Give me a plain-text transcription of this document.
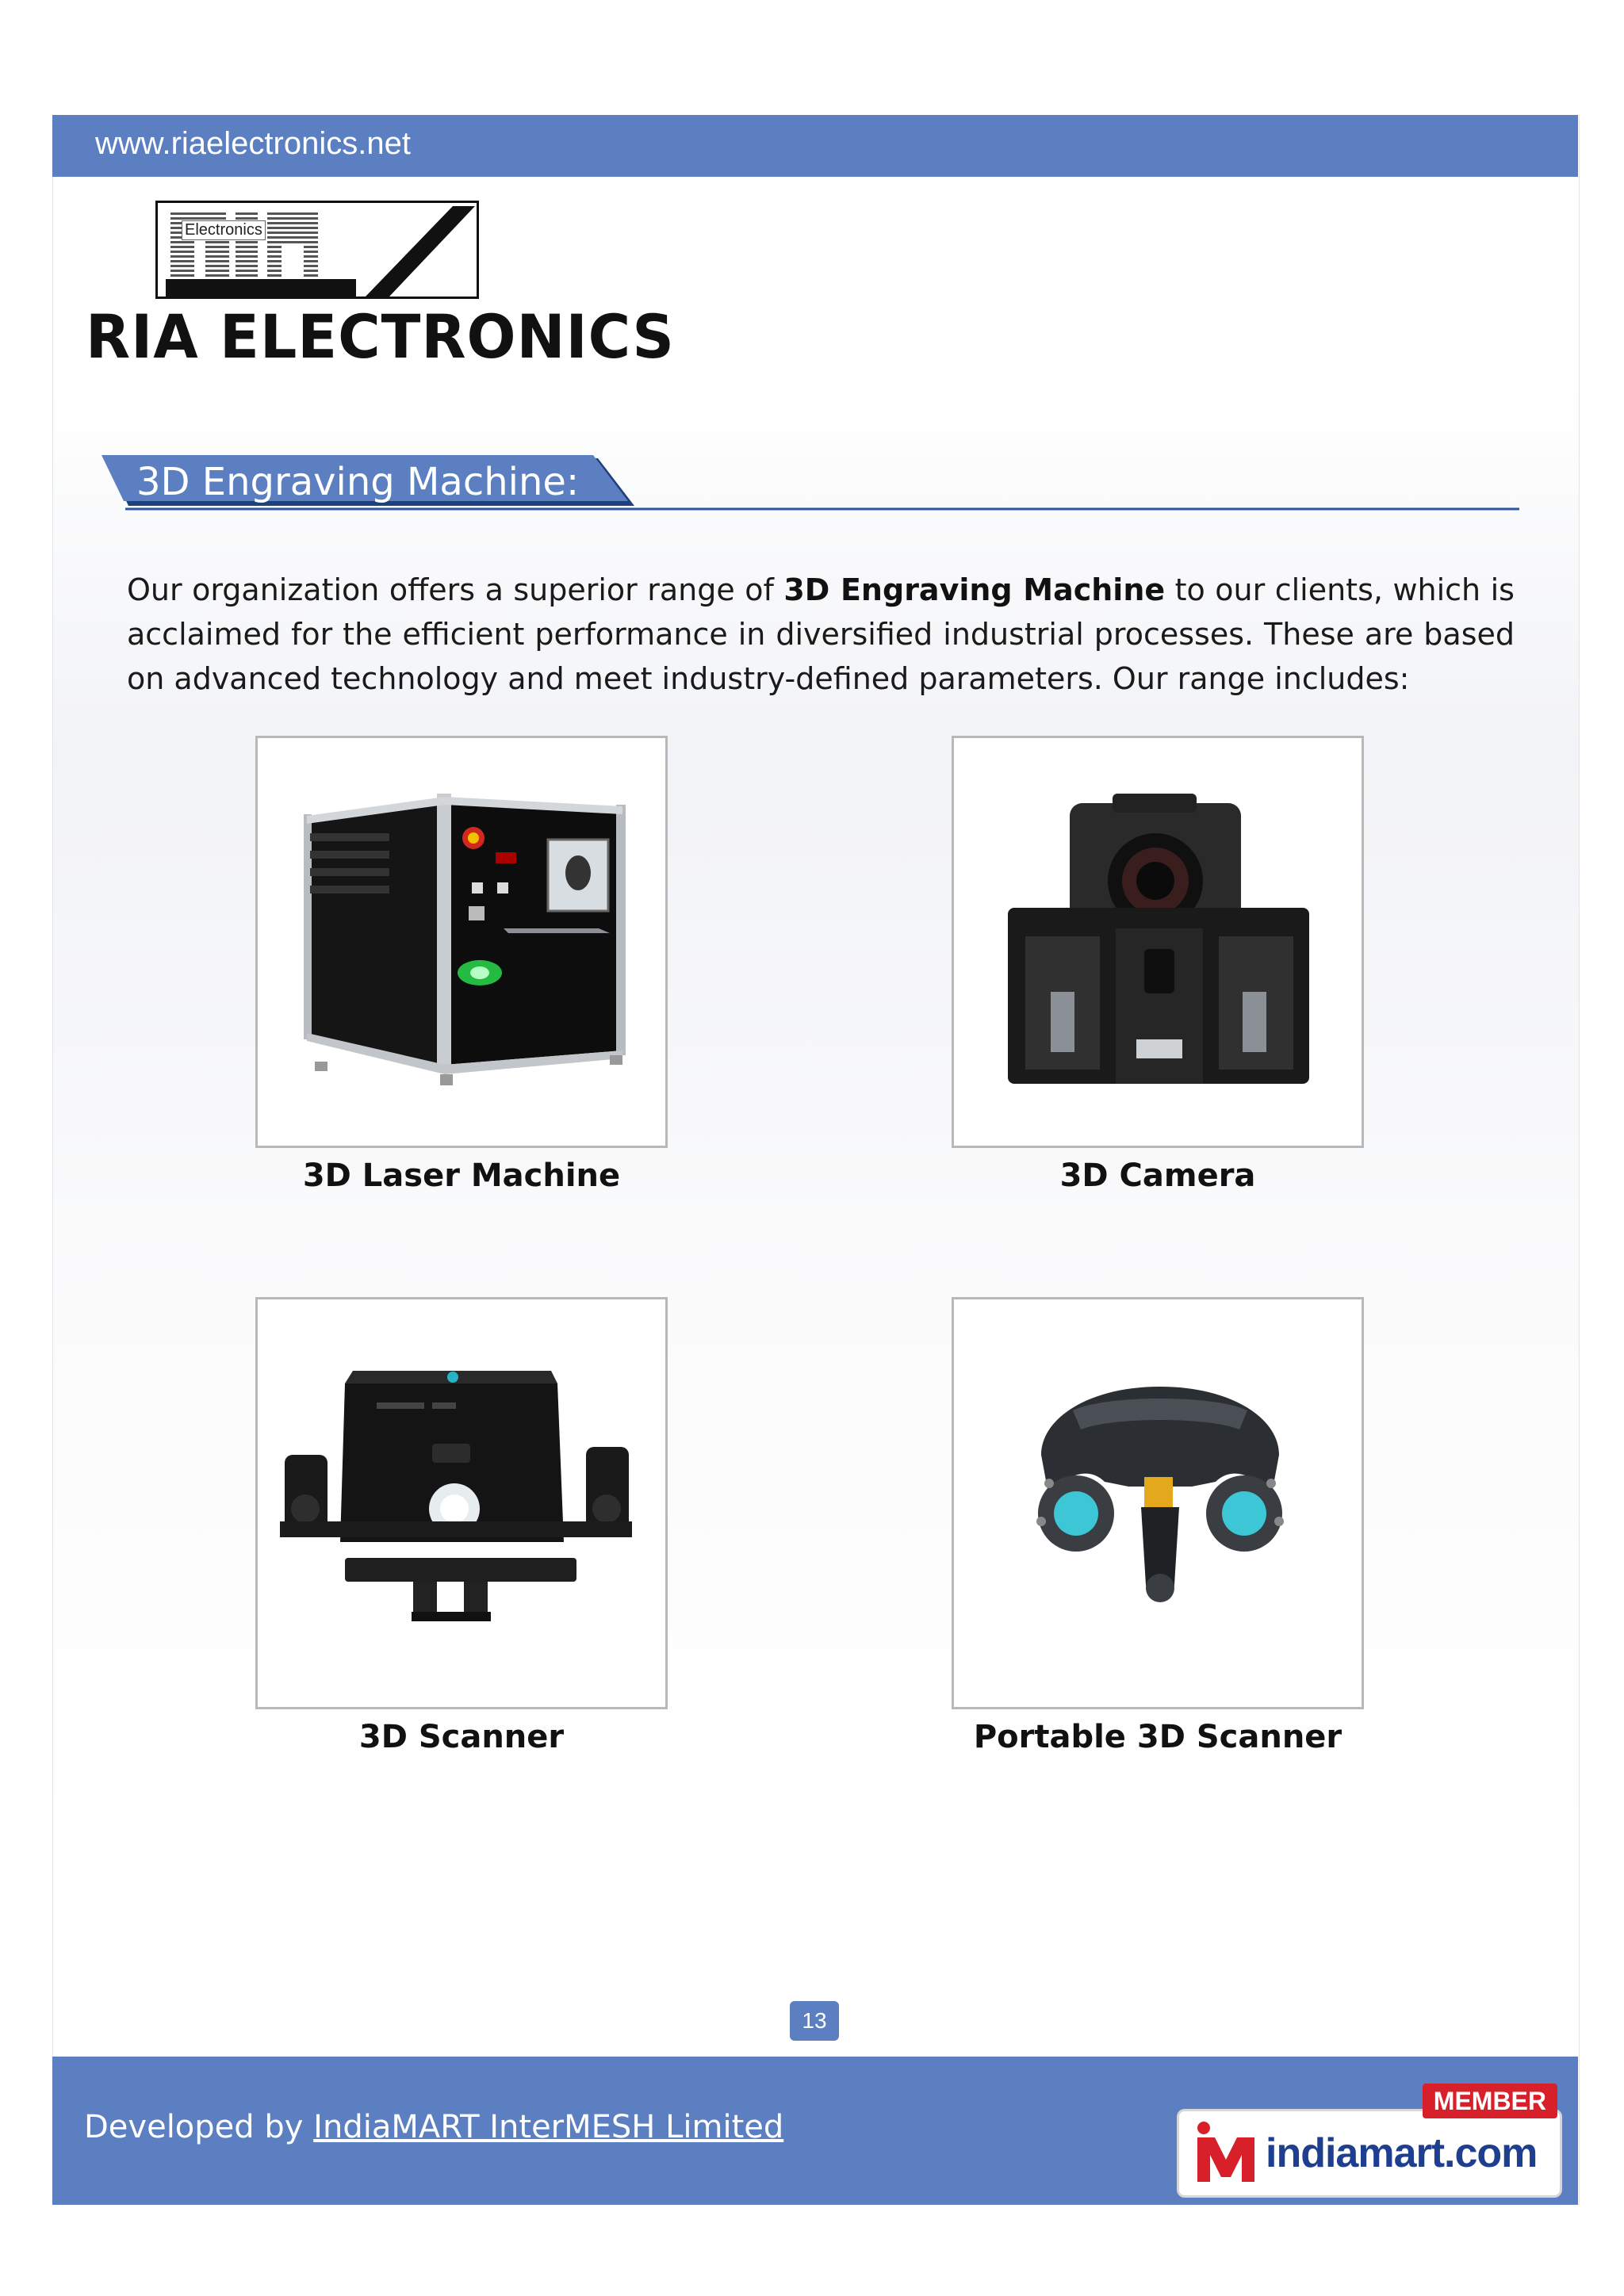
www.riaelectronics.net
Electronics
RIA ELECTRONICS
3D Engraving Machine:

Our organization offers a superior range of 3D Engraving Machine to our clients, which is acclaimed for the efficient performance in diversified industrial processes. These are based on advanced technology and meet industry-defined parameters. Our range includes:

3D Laser Machine	3D Camera
3D Scanner	Portable 3D Scanner
13
Developed by IndiaMART InterMESH Limited
indiamart.com
MEMBER
